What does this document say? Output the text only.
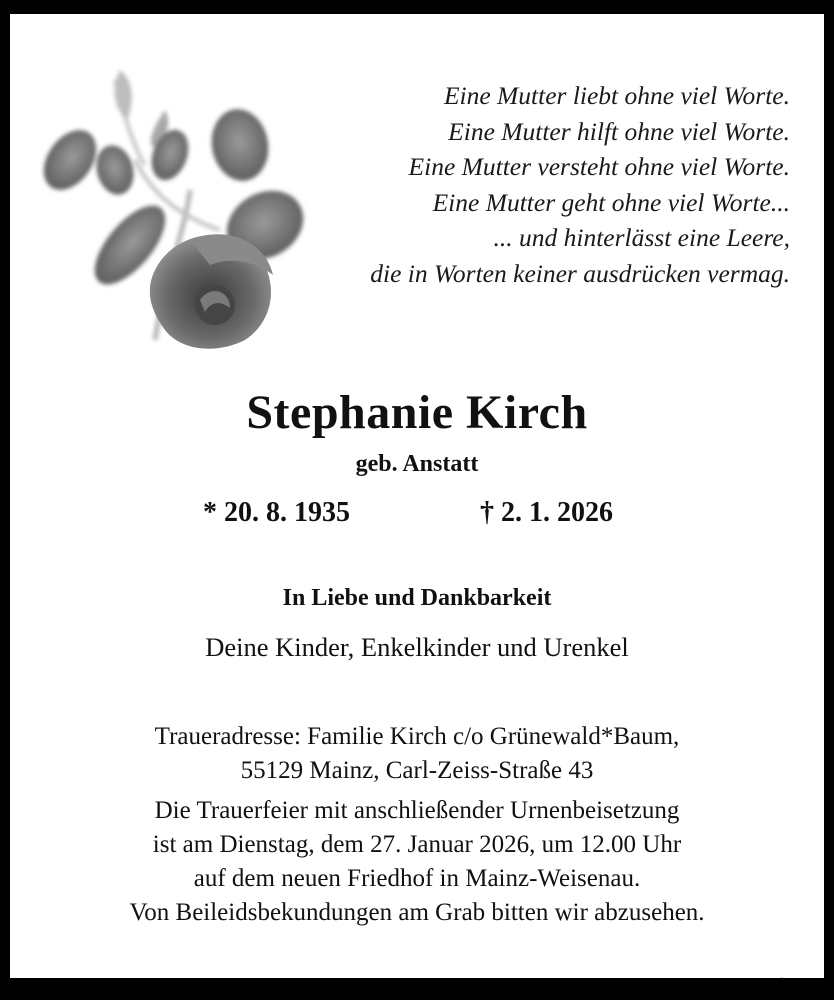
Eine Mutter liebt ohne viel Worte.
Eine Mutter hilft ohne viel Worte.
Eine Mutter versteht ohne viel Worte.
Eine Mutter geht ohne viel Worte...
... und hinterlässt eine Leere,
die in Worten keiner ausdrücken vermag.
Stephanie Kirch
geb. Anstatt
* 20. 8. 1935	† 2. 1. 2026
In Liebe und Dankbarkeit
Deine Kinder, Enkelkinder und Urenkel
Traueradresse: Familie Kirch c/o Grünewald*Baum,
55129 Mainz, Carl-Zeiss-Straße 43
Die Trauerfeier mit anschließender Urnenbeisetzung
ist am Dienstag, dem 27. Januar 2026, um 12.00 Uhr
auf dem neuen Friedhof in Mainz-Weisenau.
Von Beileidsbekundungen am Grab bitten wir abzusehen.
